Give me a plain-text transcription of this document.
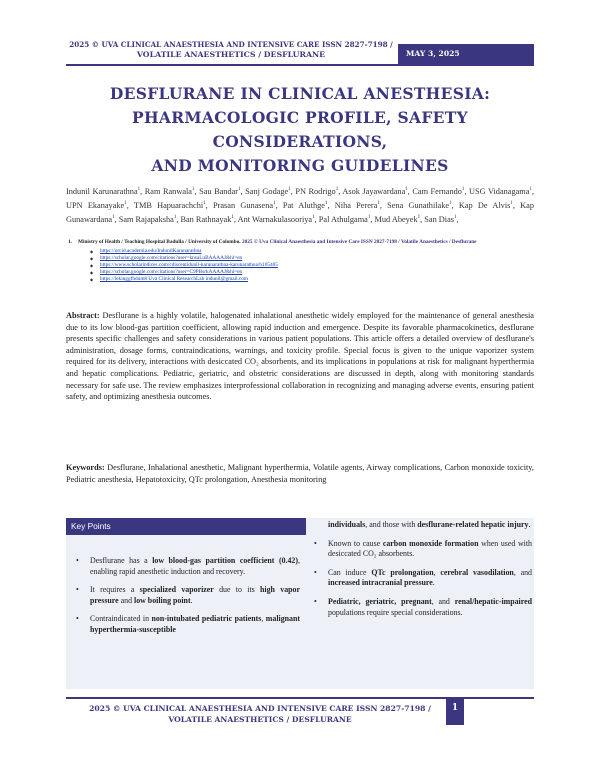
2025 © UVA CLINICAL ANAESTHESIA AND INTENSIVE CARE ISSN 2827-7198 /
VOLATILE ANAESTHETICS / DESFLURANE	MAY 3, 2025
DESFLURANE IN CLINICAL ANESTHESIA:
PHARMACOLOGIC PROFILE, SAFETY CONSIDERATIONS,
AND MONITORING GUIDELINES
Indunil Karunarathna$^1$, Ram Ranwala$^1$, Sau Bandar$^1$, Sanj Godage$^1$, PN Rodrigo$^1$, Asok Jayawardana$^1$, Cam Fernando$^1$, USG Vidanagama$^1$, UPN Ekanayake$^1$, TMB Hapuarachchi$^1$, Prasan Gunasena$^1$, Pat Aluthge$^1$, Niha Perera$^1$, Sena Gunathilake$^1$, Kap De Alvis$^1$, Kap Gunawardana$^1$, Sam Rajapaksha$^1$, Ban Rathnayak$^1$, Ant Warnakulasooriya$^1$, Pal Athulgama$^1$, Mud Abeyek$^1$, San Dias$^1$,
1. Ministry of Health / Teaching Hospital Badulla / University of Colombo. 2025 © Uva Clinical Anaesthesia and Intensive Care ISSN 2827-7198 / Volatile Anaesthetics / Desflurane
◆ https://orcid.academia.edu/IndunilKarunarathna
◆ https://scholar.google.com/citations?user=knsaLuBAAAAJ&hl=en
◆ https://www.scholarindices.com/cdiscentidunil-karunarathna-karunarathna/b105405
◆ https://scholar.google.com/citations?user=C9PBsrkAAAAJ&hl=en
◆ https://lekinggfhdum8 Uva Clinical ResearchLab indunil@gmail.com
Abstract: Desflurane is a highly volatile, halogenated inhalational anesthetic widely employed for the maintenance of general anesthesia due to its low blood-gas partition coefficient, allowing rapid induction and emergence. Despite its favorable pharmacokinetics, desflurane presents specific challenges and safety considerations in various patient populations. This article offers a detailed overview of desflurane's administration, dosage forms, contraindications, warnings, and toxicity profile. Special focus is given to the unique vaporizer system required for its delivery, interactions with desiccated CO₂ absorbents, and its implications in populations at risk for malignant hyperthermia and hepatic complications. Pediatric, geriatric, and obstetric considerations are discussed in depth, along with monitoring standards necessary for safe use. The review emphasizes interprofessional collaboration in recognizing and managing adverse events, ensuring patient safety, and optimizing anesthesia outcomes.
Keywords: Desflurane, Inhalational anesthetic, Malignant hyperthermia, Volatile agents, Airway complications, Carbon monoxide toxicity, Pediatric anesthesia, Hepatotoxicity, QTc prolongation, Anesthesia monitoring
Key Points
• Desflurane has a low blood-gas partition coefficient (0.42), enabling rapid anesthetic induction and recovery.
• It requires a specialized vaporizer due to its high vapor pressure and low boiling point.
• Contraindicated in non-intubated pediatric patients, malignant hyperthermia-susceptible
individuals, and those with desflurane-related hepatic injury.
• Known to cause carbon monoxide formation when used with desiccated CO₂ absorbents.
• Can induce QTc prolongation, cerebral vasodilation, and increased intracranial pressure.
• Pediatric, geriatric, pregnant, and renal/hepatic-impaired populations require special considerations.
2025 © UVA CLINICAL ANAESTHESIA AND INTENSIVE CARE ISSN 2827-7198 /
VOLATILE ANAESTHETICS / DESFLURANE
1
